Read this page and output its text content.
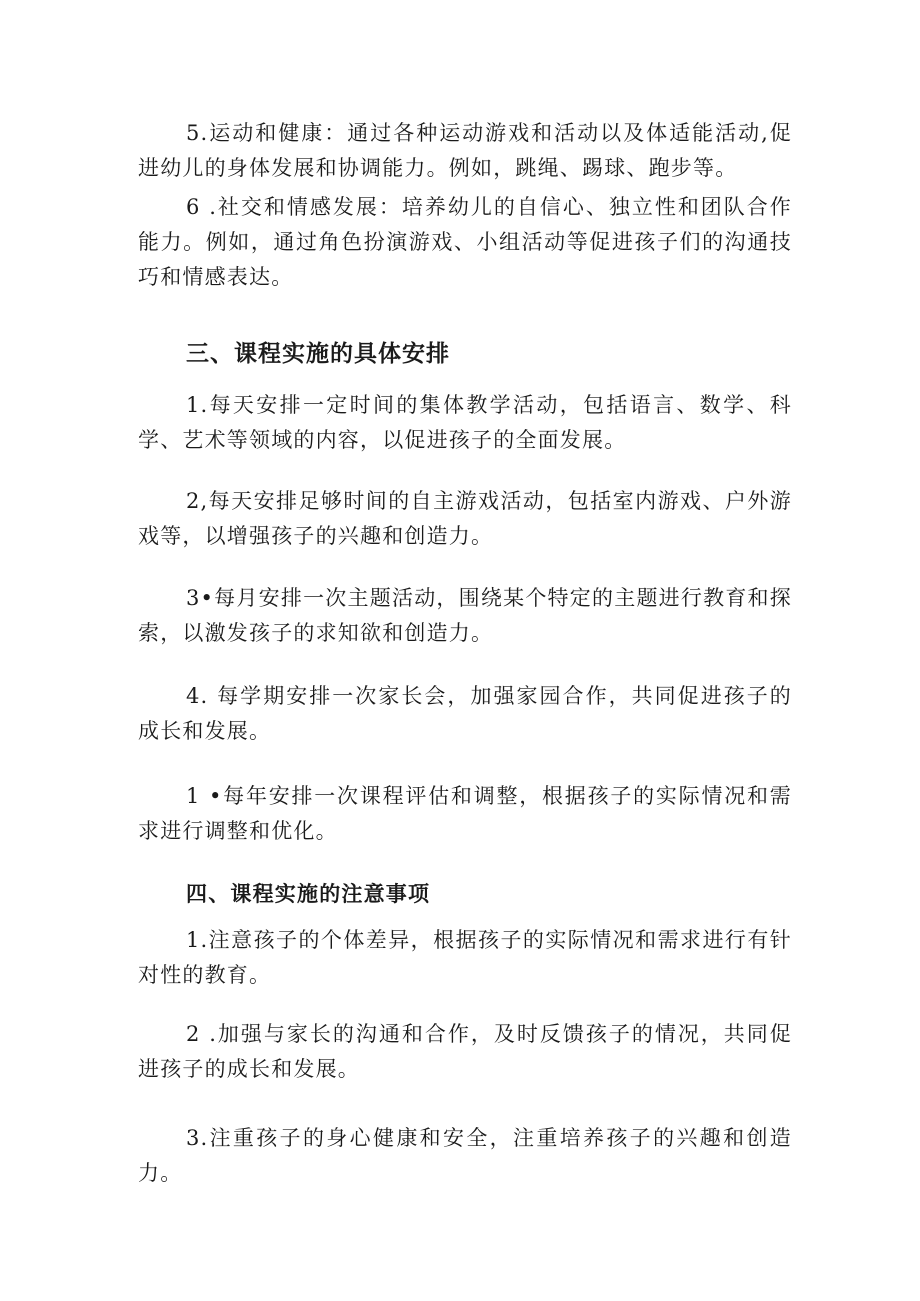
5.运动和健康：通过各种运动游戏和活动以及体适能活动,促进幼儿的身体发展和协调能力。例如，跳绳、踢球、跑步等。

6 .社交和情感发展：培养幼儿的自信心、独立性和团队合作能力。例如，通过角色扮演游戏、小组活动等促进孩子们的沟通技巧和情感表达。

三、课程实施的具体安排

1.每天安排一定时间的集体教学活动，包括语言、数学、科学、艺术等领域的内容，以促进孩子的全面发展。

2,每天安排足够时间的自主游戏活动，包括室内游戏、户外游戏等，以增强孩子的兴趣和创造力。

3•每月安排一次主题活动，围绕某个特定的主题进行教育和探索，以激发孩子的求知欲和创造力。

4. 每学期安排一次家长会，加强家园合作，共同促进孩子的成长和发展。

1 •每年安排一次课程评估和调整，根据孩子的实际情况和需求进行调整和优化。

四、课程实施的注意事项

1.注意孩子的个体差异，根据孩子的实际情况和需求进行有针对性的教育。

2 .加强与家长的沟通和合作，及时反馈孩子的情况，共同促进孩子的成长和发展。

3.注重孩子的身心健康和安全，注重培养孩子的兴趣和创造力。
